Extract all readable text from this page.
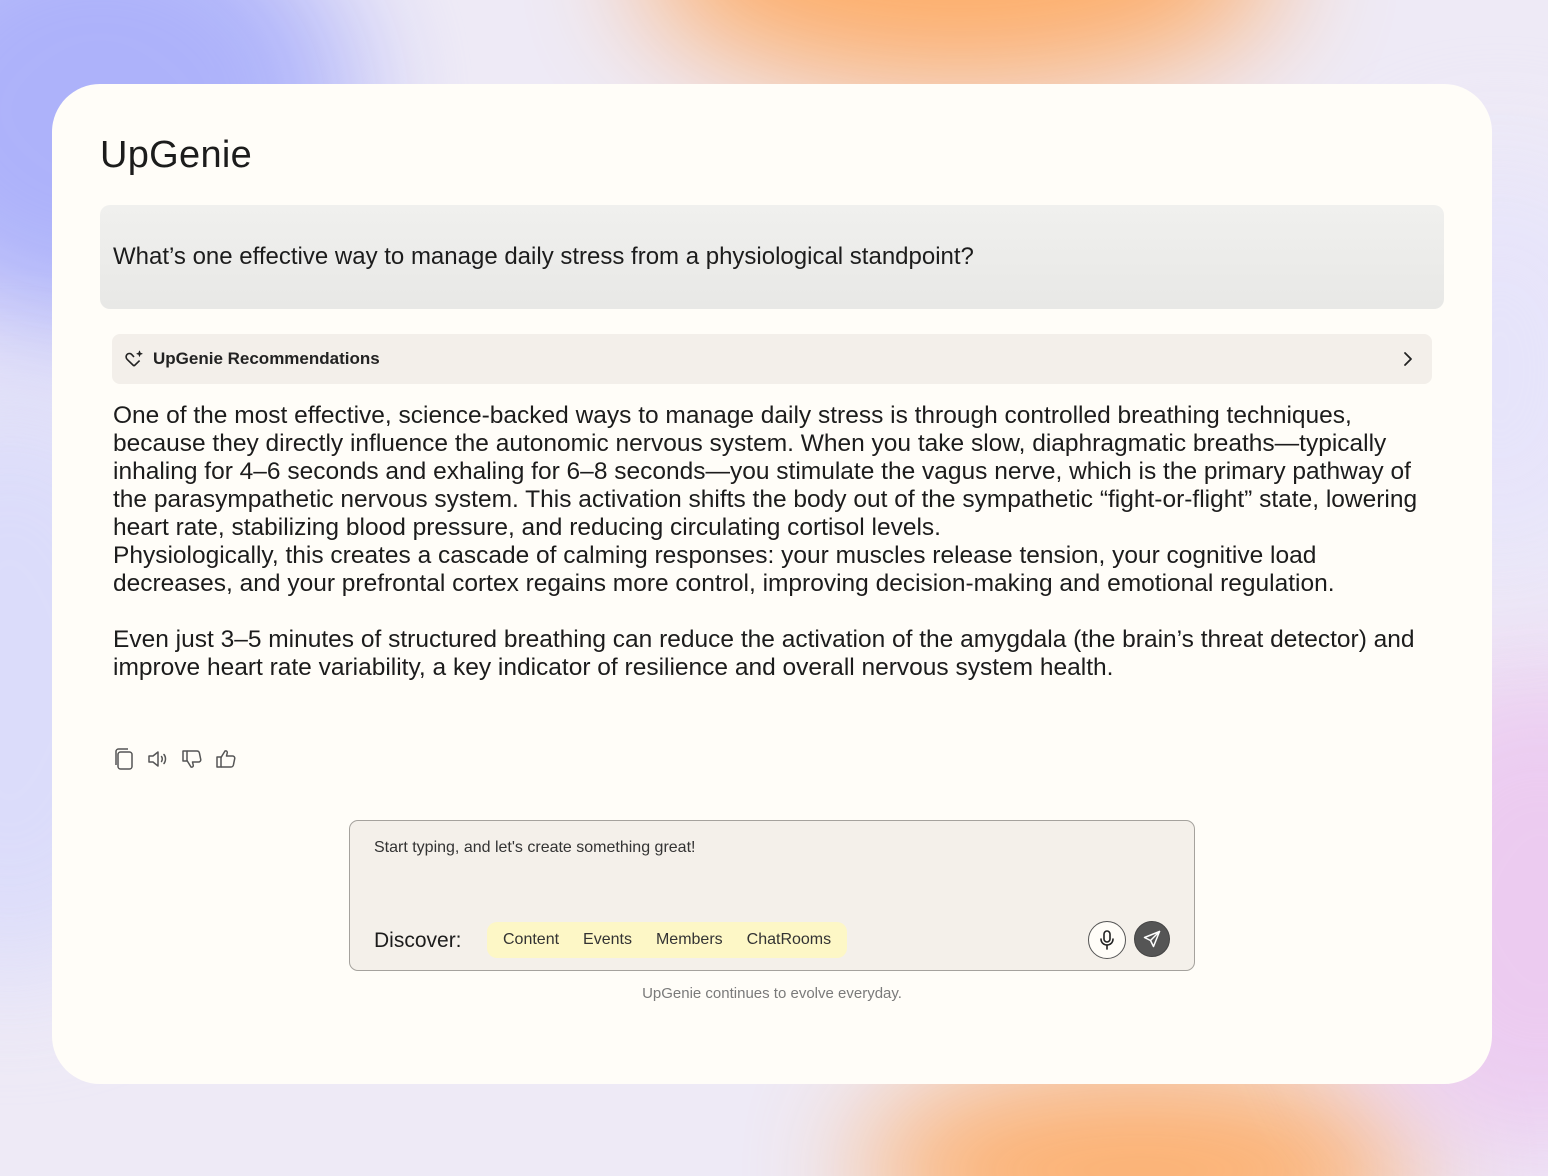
UpGenie
What’s one effective way to manage daily stress from a physiological standpoint?
UpGenie Recommendations

One of the most effective, science-backed ways to manage daily stress is through controlled breathing techniques, because they directly influence the autonomic nervous system. When you take slow, diaphragmatic breaths—typically inhaling for 4–6 seconds and exhaling for 6–8 seconds—you stimulate the vagus nerve, which is the primary pathway of the parasympathetic nervous system. This activation shifts the body out of the sympathetic “fight-or-flight” state, lowering heart rate, stabilizing blood pressure, and reducing circulating cortisol levels.

Physiologically, this creates a cascade of calming responses: your muscles release tension, your cognitive load decreases, and your prefrontal cortex regains more control, improving decision-making and emotional regulation.

Even just 3–5 minutes of structured breathing can reduce the activation of the amygdala (the brain’s threat detector) and improve heart rate variability, a key indicator of resilience and overall nervous system health.

Start typing, and let's create something great!
Discover:	Content	Events	Members	ChatRooms
UpGenie continues to evolve everyday.
